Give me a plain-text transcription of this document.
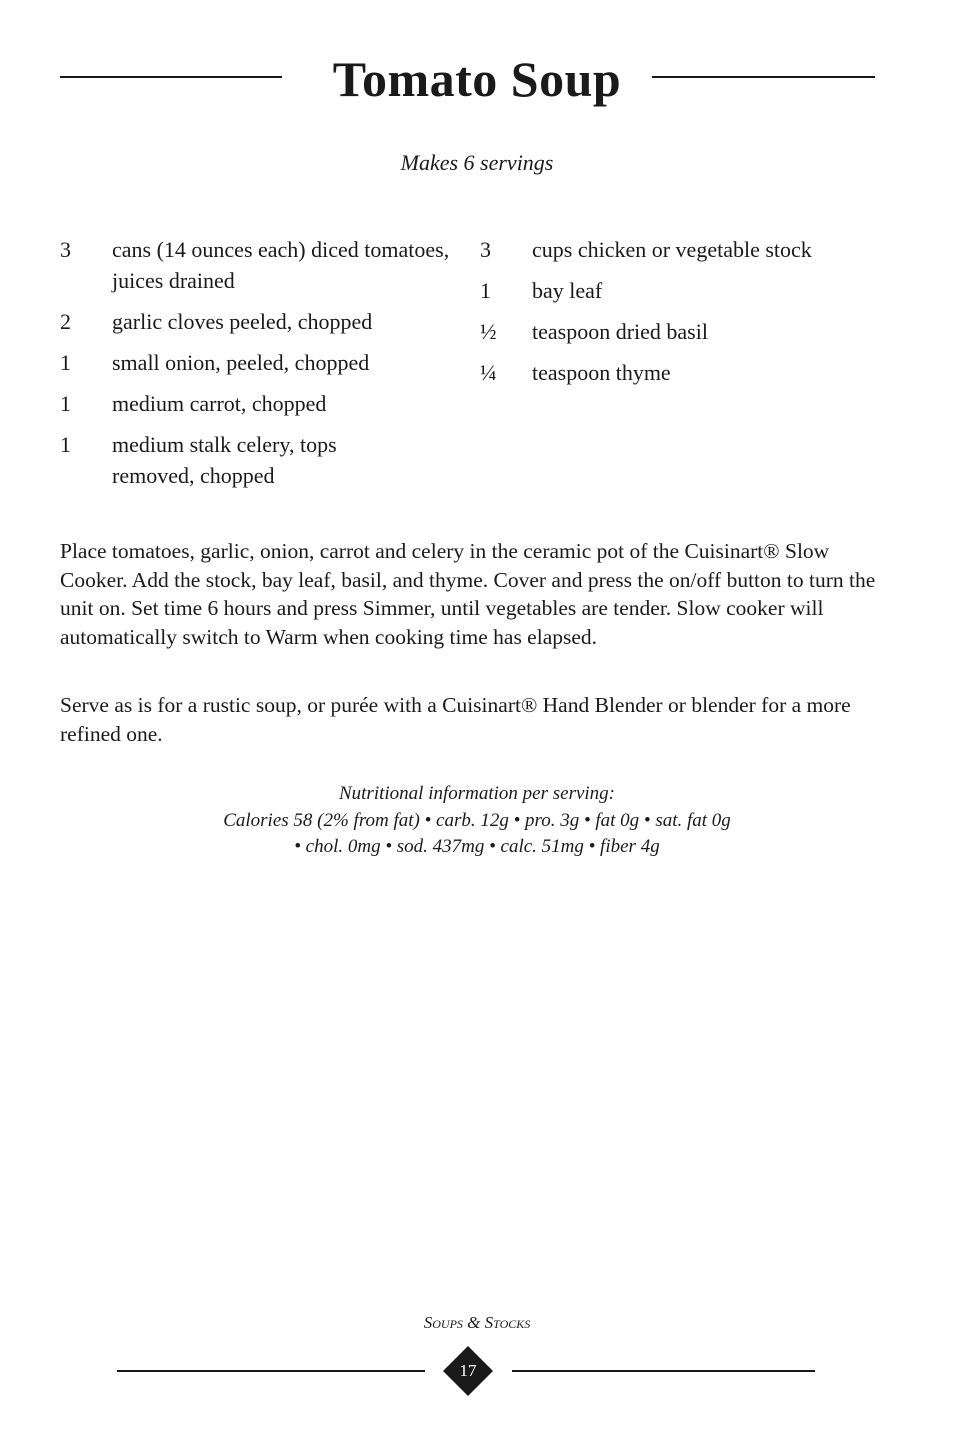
Tomato Soup
Makes 6 servings
3	cans (14 ounces each) diced tomatoes, juices drained
2	garlic cloves peeled, chopped
1	small onion, peeled, chopped
1	medium carrot, chopped
1	medium stalk celery, tops removed, chopped
3	cups chicken or vegetable stock
1	bay leaf
½	teaspoon dried basil
¼	teaspoon thyme

Place tomatoes, garlic, onion, carrot and celery in the ceramic pot of the Cuisinart® Slow Cooker. Add the stock, bay leaf, basil, and thyme. Cover and press the on/off button to turn the unit on. Set time 6 hours and press Simmer, until vegetables are tender. Slow cooker will automatically switch to Warm when cooking time has elapsed.

Serve as is for a rustic soup, or purée with a Cuisinart® Hand Blender or blender for a more refined one.

Nutritional information per serving:
Calories 58 (2% from fat) • carb. 12g • pro. 3g • fat 0g • sat. fat 0g
• chol. 0mg • sod. 437mg • calc. 51mg • fiber 4g
Soups & Stocks
17
